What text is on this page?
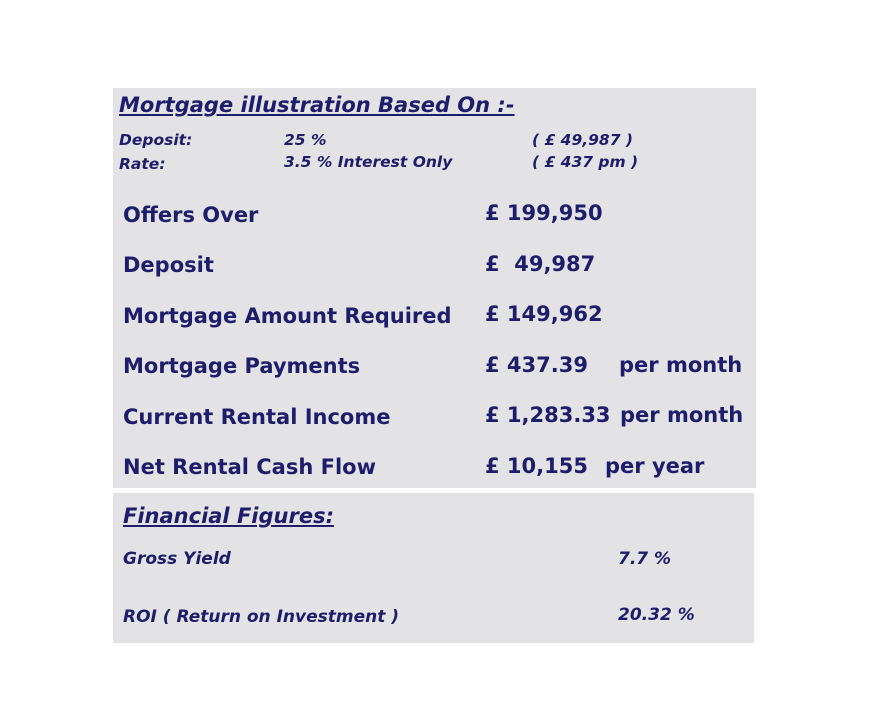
Mortgage illustration Based On :-
Deposit:	25 %	( £ 49,987 )
Rate:	3.5 % Interest Only	( £ 437 pm )
Offers Over	£ 199,950
Deposit	£  49,987
Mortgage Amount Required £ 149,962
Mortgage Payments	£ 437.39 per month
Current Rental Income	£ 1,283.33 per month
Net Rental Cash Flow	£ 10,155 per year
Financial Figures:
Gross Yield	7.7 %
ROI ( Return on Investment )	20.32 %
